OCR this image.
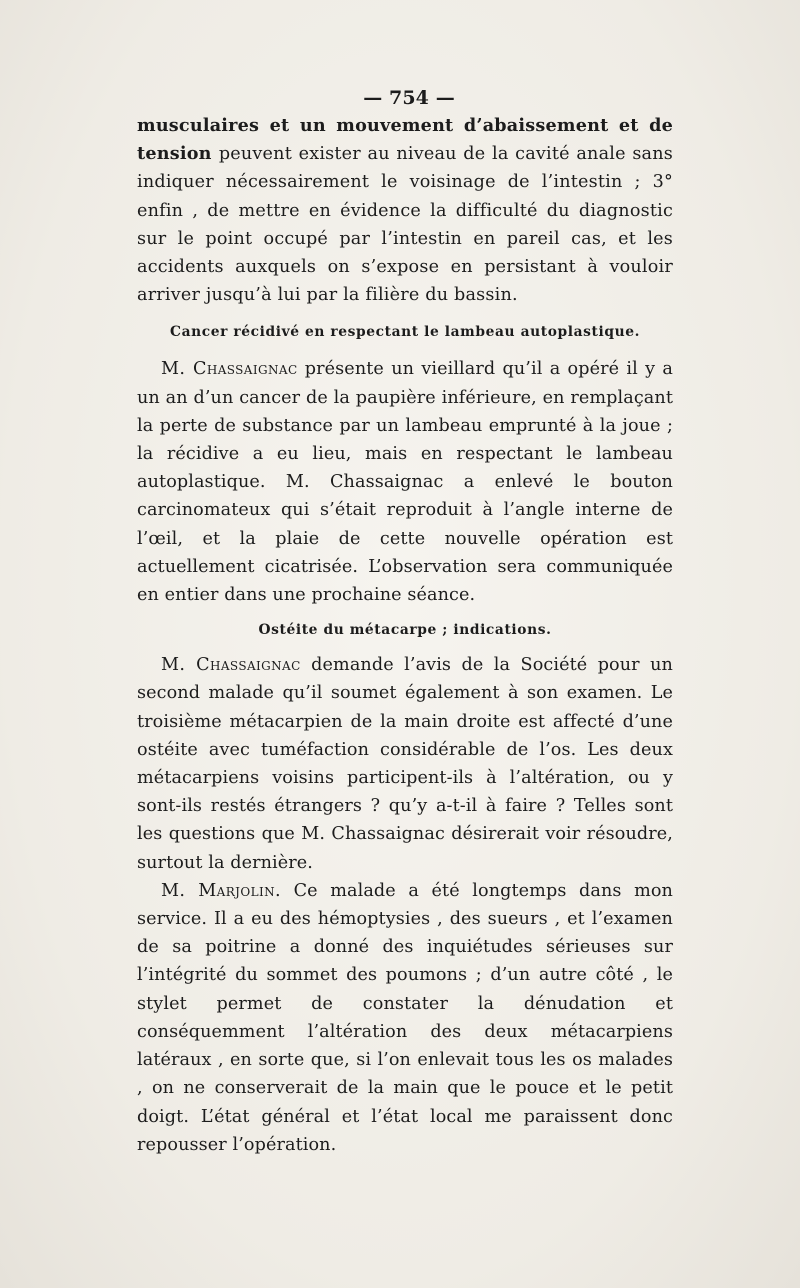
— 754 —

musculaires et un mouvement d’abaissement et de tension peuvent exister au niveau de la cavité anale sans indiquer nécessairement le voisinage de l’intestin ; 3° enfin , de mettre en évidence la difficulté du diagnostic sur le point occupé par l’intestin en pareil cas, et les accidents auxquels on s’expose en persistant à vouloir arriver jusqu’à lui par la filière du bassin.

Cancer récidivé en respectant le lambeau autoplastique.

M. Chassaignac présente un vieillard qu’il a opéré il y a un an d’un cancer de la paupière inférieure, en remplaçant la perte de substance par un lambeau emprunté à la joue ; la récidive a eu lieu, mais en respectant le lambeau autoplastique. M. Chassaignac a enlevé le bouton carcinomateux qui s’était reproduit à l’angle interne de l’œil, et la plaie de cette nouvelle opération est actuellement cicatrisée. L’observation sera communiquée en entier dans une prochaine séance.

Ostéite du métacarpe ; indications.

M. Chassaignac demande l’avis de la Société pour un second malade qu’il soumet également à son examen. Le troisième métacarpien de la main droite est affecté d’une ostéite avec tuméfaction considérable de l’os. Les deux métacarpiens voisins participent-ils à l’altération, ou y sont-ils restés étrangers ? qu’y a-t-il à faire ? Telles sont les questions que M. Chassaignac désirerait voir résoudre, surtout la dernière.

M. Marjolin. Ce malade a été longtemps dans mon service. Il a eu des hémoptysies , des sueurs , et l’examen de sa poitrine a donné des inquiétudes sérieuses sur l’intégrité du sommet des poumons ; d’un autre côté , le stylet permet de constater la dénudation et conséquemment l’altération des deux métacarpiens latéraux , en sorte que, si l’on enlevait tous les os malades , on ne conserverait de la main que le pouce et le petit doigt. L’état général et l’état local me paraissent donc repousser l’opération.
